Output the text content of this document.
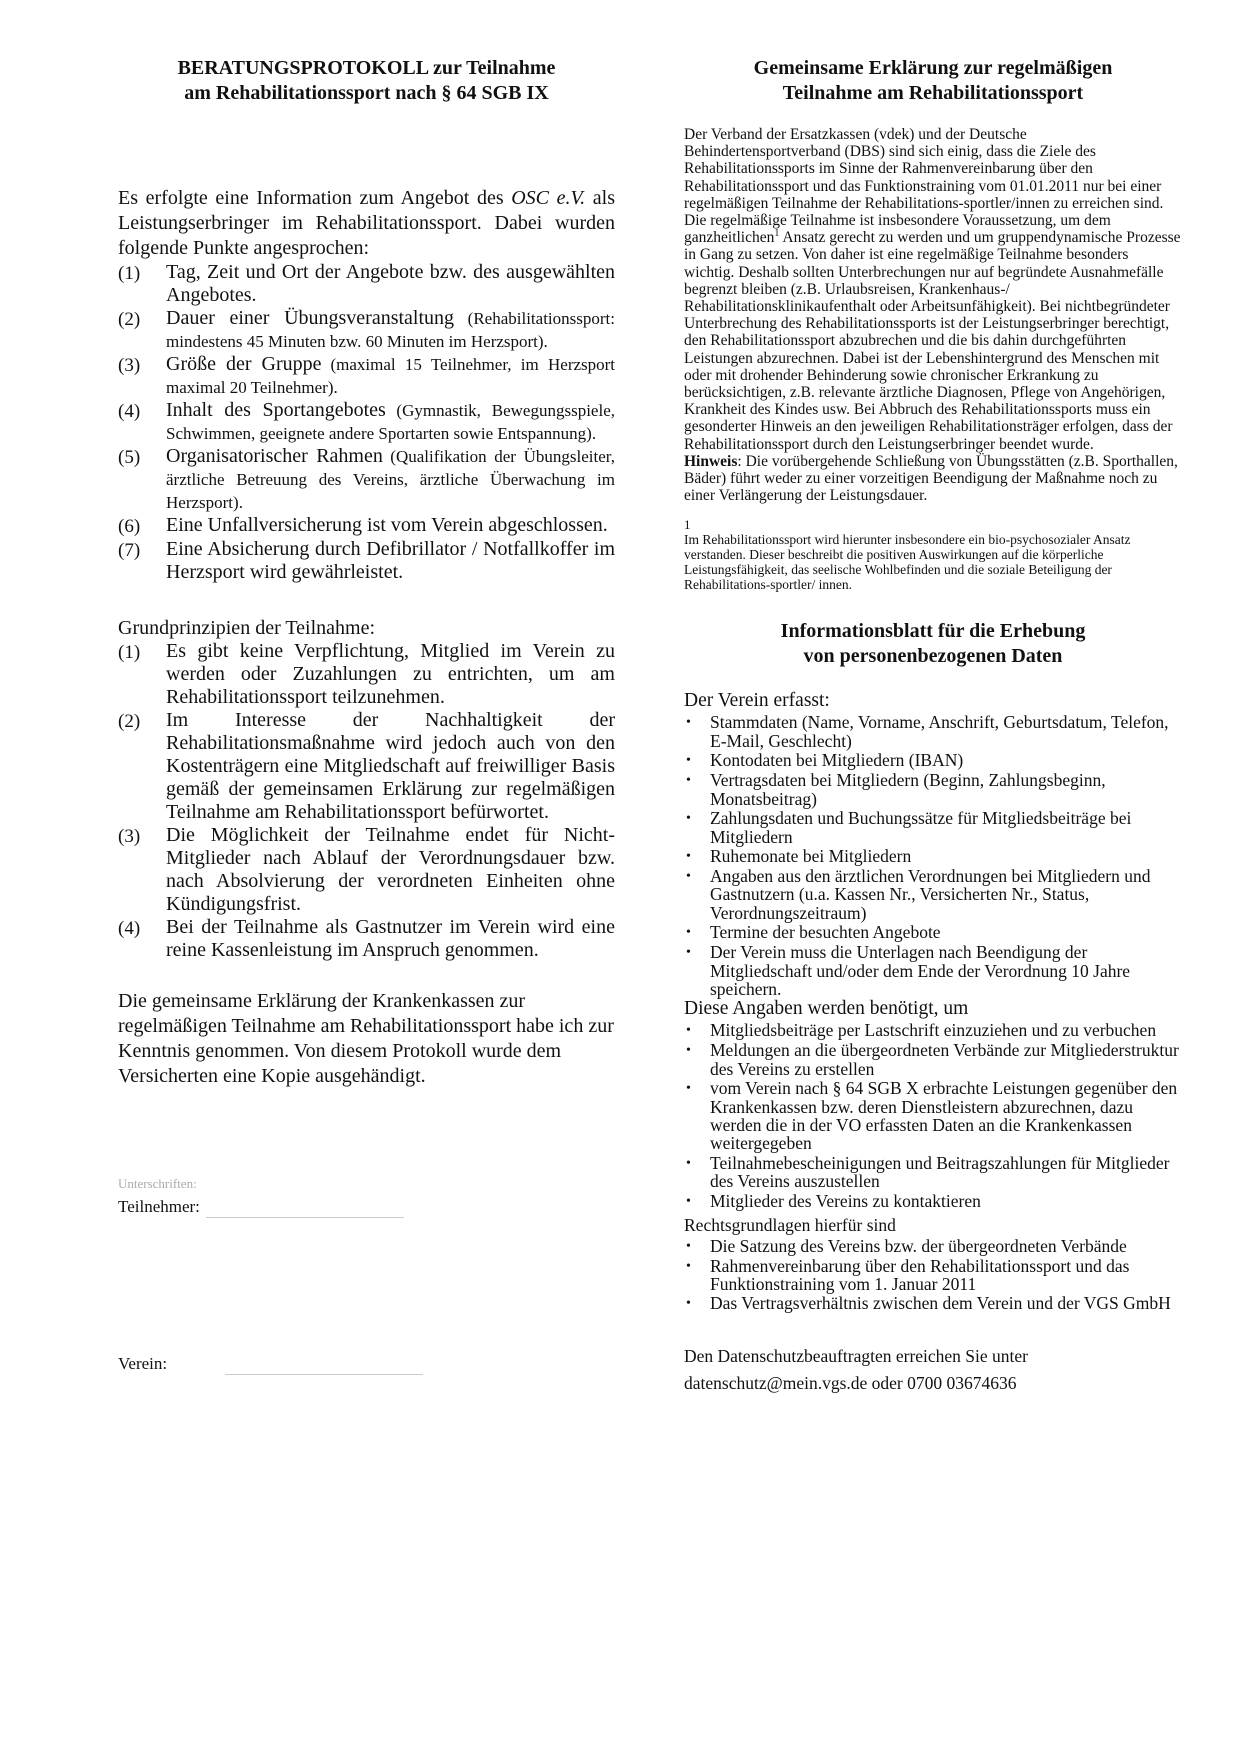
BERATUNGSPROTOKOLL zur Teilnahme
am Rehabilitationssport nach § 64 SGB IX
Es erfolgte eine Information zum Angebot des OSC e.V. als Leistungserbringer im Rehabilitationssport. Dabei wurden folgende Punkte angesprochen:
(1)	Tag, Zeit und Ort der Angebote bzw. des ausgewählten Angebotes.
(2)	Dauer einer Übungsveranstaltung (Rehabilitationssport: mindestens 45 Minuten bzw. 60 Minuten im Herzsport).
(3)	Größe der Gruppe (maximal 15 Teilnehmer, im Herzsport maximal 20 Teilnehmer).
(4)	Inhalt des Sportangebotes (Gymnastik, Bewegungsspiele, Schwimmen, geeignete andere Sportarten sowie Entspannung).
(5)	Organisatorischer Rahmen (Qualifikation der Übungsleiter, ärztliche Betreuung des Vereins, ärztliche Überwachung im Herzsport).
(6)	Eine Unfallversicherung ist vom Verein abgeschlossen.
(7)	Eine Absicherung durch Defibrillator / Notfallkoffer im Herzsport wird gewährleistet.
Grundprinzipien der Teilnahme:
(1)	Es gibt keine Verpflichtung, Mitglied im Verein zu werden oder Zuzahlungen zu entrichten, um am Rehabilitationssport teilzunehmen.
(2)	Im Interesse der Nachhaltigkeit der Rehabilitationsmaßnahme wird jedoch auch von den Kostenträgern eine Mitgliedschaft auf freiwilliger Basis gemäß der gemeinsamen Erklärung zur regelmäßigen Teilnahme am Rehabilitationssport befürwortet.
(3)	Die Möglichkeit der Teilnahme endet für Nicht-Mitglieder nach Ablauf der Verordnungsdauer bzw. nach Absolvierung der verordneten Einheiten ohne Kündigungsfrist.
(4)	Bei der Teilnahme als Gastnutzer im Verein wird eine reine Kassenleistung im Anspruch genommen.
Die gemeinsame Erklärung der Krankenkassen zur regelmäßigen Teilnahme am Rehabilitationssport habe ich zur Kenntnis genommen. Von diesem Protokoll wurde dem Versicherten eine Kopie ausgehändigt.
Unterschriften:
Teilnehmer:
Verein:
Gemeinsame Erklärung zur regelmäßigen
Teilnahme am Rehabilitationssport

Der Verband der Ersatzkassen (vdek) und der Deutsche Behindertensportverband (DBS) sind sich einig, dass die Ziele des Rehabilitationssports im Sinne der Rahmenvereinbarung über den Rehabilitationssport und das Funktionstraining vom 01.01.2011 nur bei einer regelmäßigen Teilnahme der Rehabilitations-sportler/innen zu erreichen sind. Die regelmäßige Teilnahme ist insbesondere Voraussetzung, um dem ganzheitlichen$^1$ Ansatz gerecht zu werden und um gruppendynamische Prozesse in Gang zu setzen. Von daher ist eine regelmäßige Teilnahme besonders wichtig. Deshalb sollten Unterbrechungen nur auf begründete Ausnahmefälle begrenzt bleiben (z.B. Urlaubsreisen, Krankenhaus-/ Rehabilitationsklinikaufenthalt oder Arbeitsunfähigkeit). Bei nichtbegründeter Unterbrechung des Rehabilitationssports ist der Leistungserbringer berechtigt, den Rehabilitationssport abzubrechen und die bis dahin durchgeführten Leistungen abzurechnen. Dabei ist der Lebenshintergrund des Menschen mit oder mit drohender Behinderung sowie chronischer Erkrankung zu berücksichtigen, z.B. relevante ärztliche Diagnosen, Pflege von Angehörigen, Krankheit des Kindes usw. Bei Abbruch des Rehabilitationssports muss ein gesonderter Hinweis an den jeweiligen Rehabilitationsträger erfolgen, dass der Rehabilitationssport durch den Leistungserbringer beendet wurde.

Hinweis: Die vorübergehende Schließung von Übungsstätten (z.B. Sporthallen, Bäder) führt weder zu einer vorzeitigen Beendigung der Maßnahme noch zu einer Verlängerung der Leistungsdauer.

1
Im Rehabilitationssport wird hierunter insbesondere ein bio-psychosozialer Ansatz verstanden. Dieser beschreibt die positiven Auswirkungen auf die körperliche Leistungsfähigkeit, das seelische Wohlbefinden und die soziale Beteiligung der Rehabilitations-sportler/ innen.
Informationsblatt für die Erhebung
von personenbezogenen Daten
Der Verein erfasst:
•	Stammdaten (Name, Vorname, Anschrift, Geburtsdatum, Telefon, E-Mail, Geschlecht)
•	Kontodaten bei Mitgliedern (IBAN)
•	Vertragsdaten bei Mitgliedern (Beginn, Zahlungsbeginn, Monatsbeitrag)
•	Zahlungsdaten und Buchungssätze für Mitgliedsbeiträge bei Mitgliedern
•	Ruhemonate bei Mitgliedern
•	Angaben aus den ärztlichen Verordnungen bei Mitgliedern und Gastnutzern (u.a. Kassen Nr., Versicherten Nr., Status, Verordnungszeitraum)
•	Termine der besuchten Angebote
•	Der Verein muss die Unterlagen nach Beendigung der Mitgliedschaft und/oder dem Ende der Verordnung 10 Jahre speichern.
Diese Angaben werden benötigt, um
•	Mitgliedsbeiträge per Lastschrift einzuziehen und zu verbuchen
•	Meldungen an die übergeordneten Verbände zur Mitgliederstruktur des Vereins zu erstellen
•	vom Verein nach § 64 SGB X erbrachte Leistungen gegenüber den Krankenkassen bzw. deren Dienstleistern abzurechnen, dazu werden die in der VO erfassten Daten an die Krankenkassen weitergegeben
•	Teilnahmebescheinigungen und Beitragszahlungen für Mitglieder des Vereins auszustellen
•	Mitglieder des Vereins zu kontaktieren
Rechtsgrundlagen hierfür sind
•	Die Satzung des Vereins bzw. der übergeordneten Verbände
•	Rahmenvereinbarung über den Rehabilitationssport und das Funktionstraining vom 1. Januar 2011
•	Das Vertragsverhältnis zwischen dem Verein und der VGS GmbH
Den Datenschutzbeauftragten erreichen Sie unter
datenschutz@mein.vgs.de oder 0700 03674636
